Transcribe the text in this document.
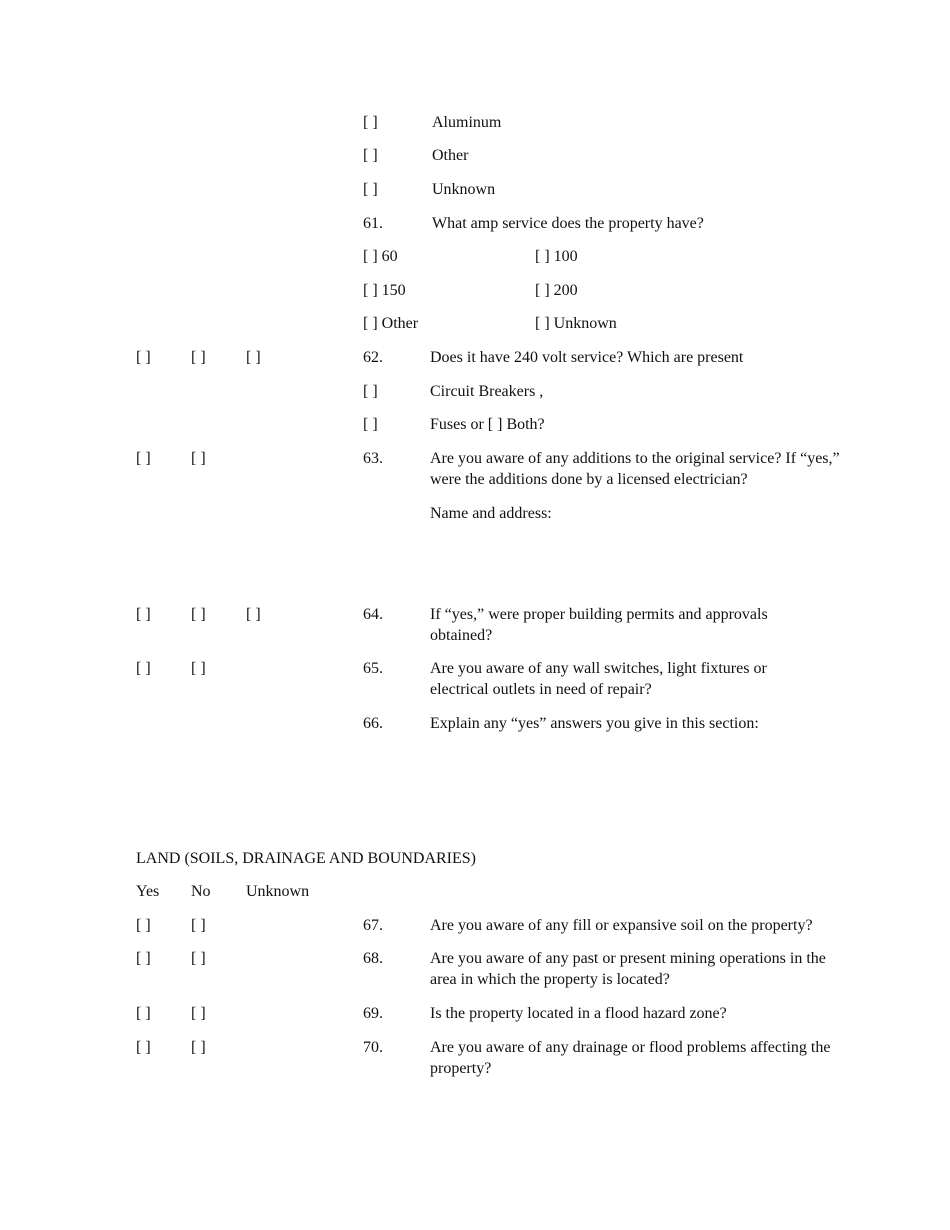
[ ]	Aluminum
[ ]	Other
[ ]	Unknown
61.	What amp service does the property have?
[ ] 60	[ ] 100
[ ] 150	[ ] 200
[ ] Other	[ ] Unknown
[ ]	[ ]	[ ]	62.	Does it have 240 volt service? Which are present
[ ]	Circuit Breakers ,
[ ]	Fuses or [ ] Both?
[ ]	[ ]	63.	Are you aware of any additions to the original service? If “yes,” were the additions done by a licensed electrician?
Name and address:
[ ]	[ ]	[ ]	64.	If “yes,” were proper building permits and approvals obtained?
[ ]	[ ]	65.	Are you aware of any wall switches, light fixtures or electrical outlets in need of repair?
66.	Explain any “yes” answers you give in this section:
LAND (SOILS, DRAINAGE AND BOUNDARIES)
Yes No Unknown
[ ]	[ ]	67.	Are you aware of any fill or expansive soil on the property?
[ ]	[ ]	68.	Are you aware of any past or present mining operations in the area in which the property is located?
[ ]	[ ]	69.	Is the property located in a flood hazard zone?
[ ]	[ ]	70.	Are you aware of any drainage or flood problems affecting the property?
